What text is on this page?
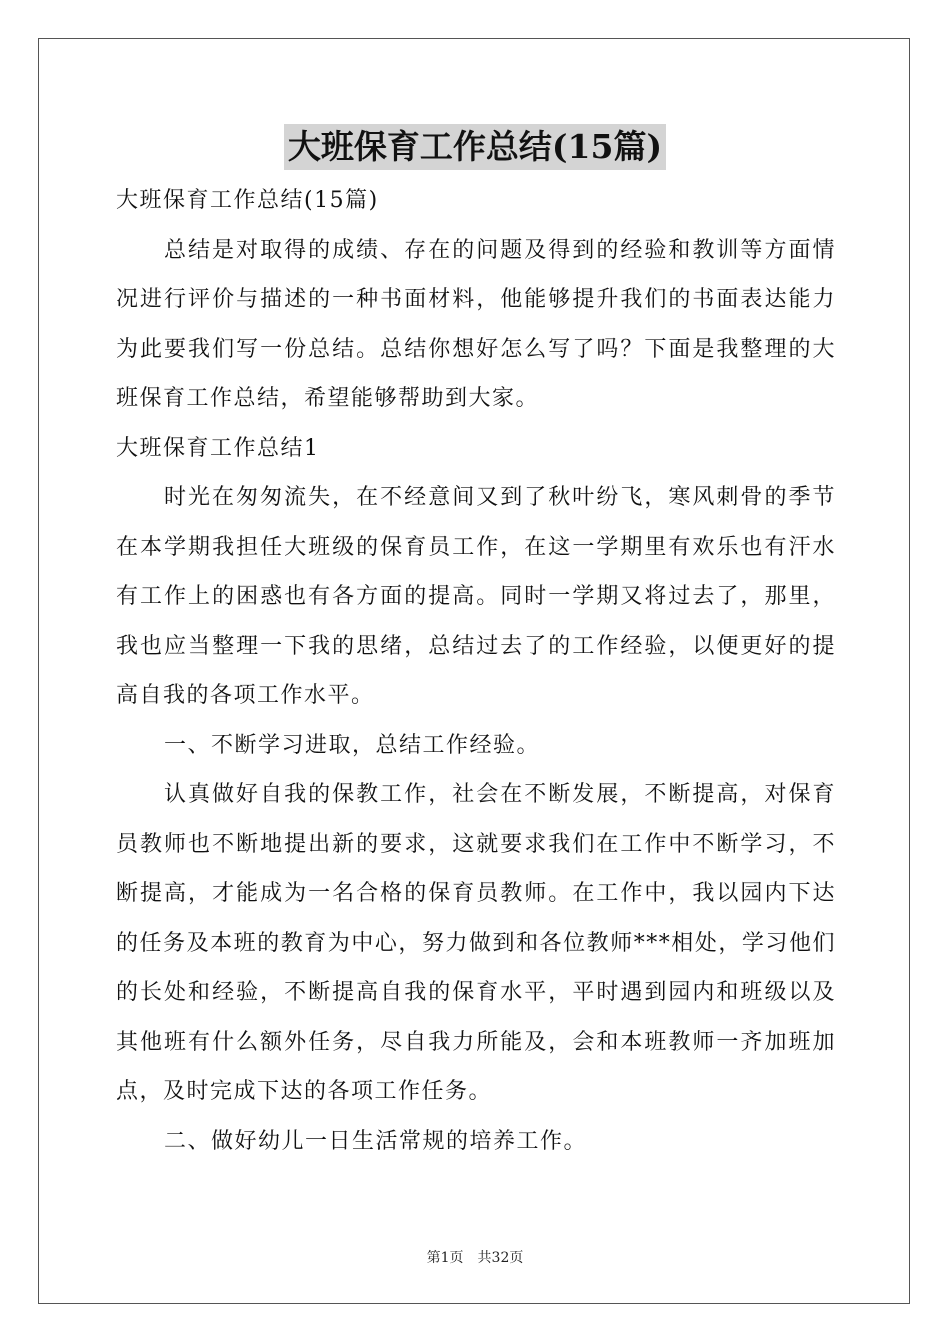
大班保育工作总结(15篇)

大班保育工作总结(15篇)

总结是对取得的成绩、存在的问题及得到的经验和教训等方面情况进行评价与描述的一种书面材料，他能够提升我们的书面表达能力为此要我们写一份总结。总结你想好怎么写了吗？下面是我整理的大班保育工作总结，希望能够帮助到大家。

大班保育工作总结1

时光在匆匆流失，在不经意间又到了秋叶纷飞，寒风刺骨的季节在本学期我担任大班级的保育员工作，在这一学期里有欢乐也有汗水有工作上的困惑也有各方面的提高。同时一学期又将过去了，那里，我也应当整理一下我的思绪，总结过去了的工作经验，以便更好的提高自我的各项工作水平。

一、不断学习进取，总结工作经验。

认真做好自我的保教工作，社会在不断发展，不断提高，对保育员教师也不断地提出新的要求，这就要求我们在工作中不断学习，不断提高，才能成为一名合格的保育员教师。在工作中，我以园内下达的任务及本班的教育为中心，努力做到和各位教师***相处，学习他们的长处和经验，不断提高自我的保育水平，平时遇到园内和班级以及其他班有什么额外任务，尽自我力所能及，会和本班教师一齐加班加点，及时完成下达的各项工作任务。

二、做好幼儿一日生活常规的培养工作。

第1页　共32页
